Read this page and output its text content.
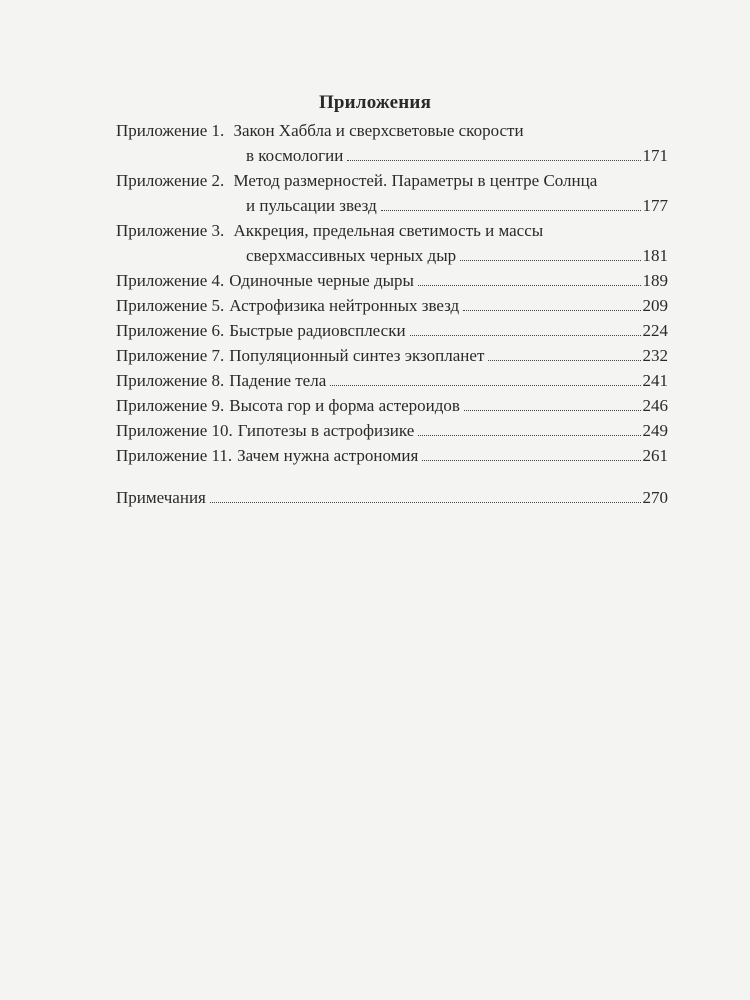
Приложения
Приложение 1. Закон Хаббла и сверхсветовые скорости
в космологии	171
Приложение 2. Метод размерностей. Параметры в центре Солнца
и пульсации звезд	177
Приложение 3. Аккреция, предельная светимость и массы
сверхмассивных черных дыр	181
Приложение 4. Одиночные черные дыры	189
Приложение 5. Астрофизика нейтронных звезд	209
Приложение 6. Быстрые радиовсплески	224
Приложение 7. Популяционный синтез экзопланет	232
Приложение 8. Падение тела	241
Приложение 9. Высота гор и форма астероидов	246
Приложение 10. Гипотезы в астрофизике	249
Приложение 11. Зачем нужна астрономия	261
Примечания	270
